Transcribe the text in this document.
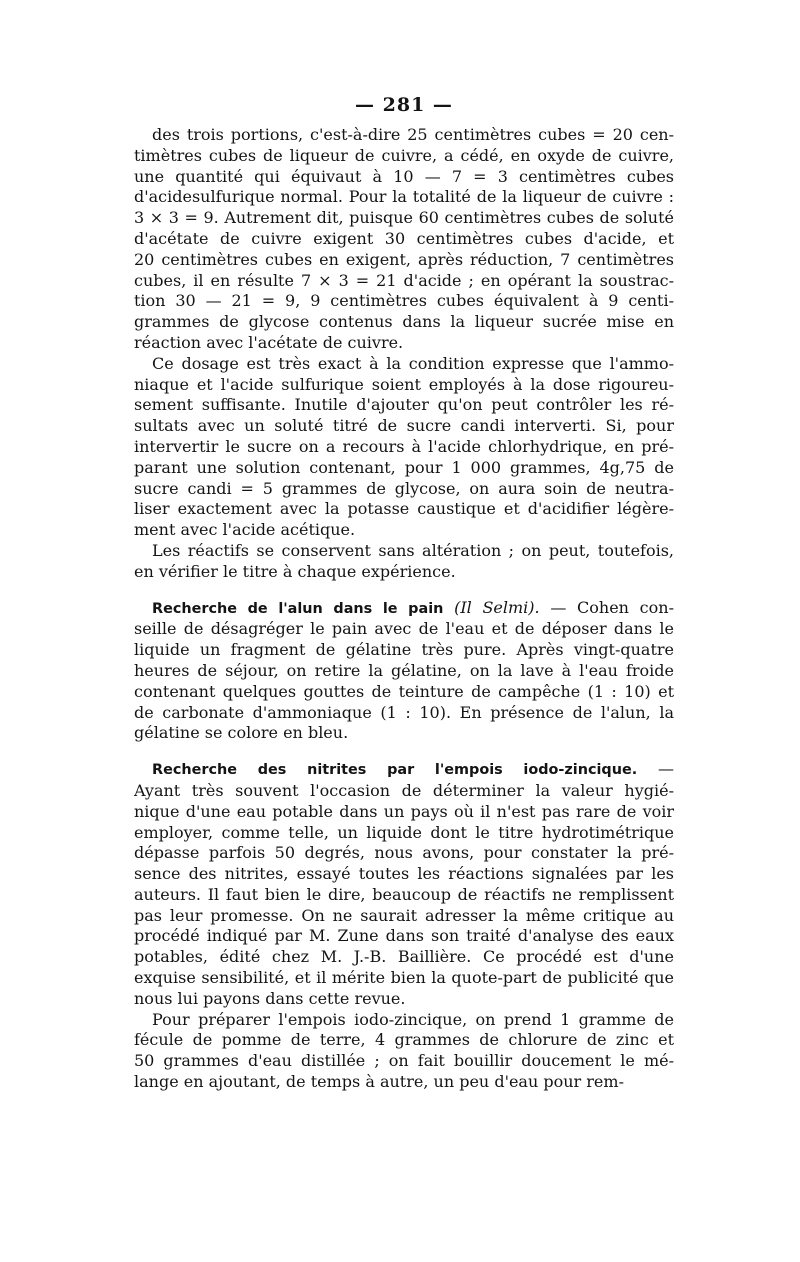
— 281 —
des trois portions, c'est-à-dire 25 centimètres cubes = 20 cen-
timètres cubes de liqueur de cuivre, a cédé, en oxyde de cuivre,
une quantité qui équivaut à 10 — 7 = 3 centimètres cubes
d'acidesulfurique normal. Pour la totalité de la liqueur de cuivre :
3 × 3 = 9. Autrement dit, puisque 60 centimètres cubes de soluté
d'acétate de cuivre exigent 30 centimètres cubes d'acide, et
20 centimètres cubes en exigent, après réduction, 7 centimètres
cubes, il en résulte 7 × 3 = 21 d'acide ; en opérant la soustrac-
tion 30 — 21 = 9, 9 centimètres cubes équivalent à 9 centi-
grammes de glycose contenus dans la liqueur sucrée mise en
réaction avec l'acétate de cuivre.
Ce dosage est très exact à la condition expresse que l'ammo-
niaque et l'acide sulfurique soient employés à la dose rigoureu-
sement suffisante. Inutile d'ajouter qu'on peut contrôler les ré-
sultats avec un soluté titré de sucre candi interverti. Si, pour
intervertir le sucre on a recours à l'acide chlorhydrique, en pré-
parant une solution contenant, pour 1 000 grammes, 4g,75 de
sucre candi = 5 grammes de glycose, on aura soin de neutra-
liser exactement avec la potasse caustique et d'acidifier légère-
ment avec l'acide acétique.
Les réactifs se conservent sans altération ; on peut, toutefois,
en vérifier le titre à chaque expérience.
Recherche de l'alun dans le pain (Il Selmi). — Cohen con-
seille de désagréger le pain avec de l'eau et de déposer dans le
liquide un fragment de gélatine très pure. Après vingt-quatre
heures de séjour, on retire la gélatine, on la lave à l'eau froide
contenant quelques gouttes de teinture de campêche (1 : 10) et
de carbonate d'ammoniaque (1 : 10). En présence de l'alun, la
gélatine se colore en bleu.
Recherche des nitrites par l'empois iodo-zincique. —
Ayant très souvent l'occasion de déterminer la valeur hygié-
nique d'une eau potable dans un pays où il n'est pas rare de voir
employer, comme telle, un liquide dont le titre hydrotimétrique
dépasse parfois 50 degrés, nous avons, pour constater la pré-
sence des nitrites, essayé toutes les réactions signalées par les
auteurs. Il faut bien le dire, beaucoup de réactifs ne remplissent
pas leur promesse. On ne saurait adresser la même critique au
procédé indiqué par M. Zune dans son traité d'analyse des eaux
potables, édité chez M. J.-B. Baillière. Ce procédé est d'une
exquise sensibilité, et il mérite bien la quote-part de publicité que
nous lui payons dans cette revue.
Pour préparer l'empois iodo-zincique, on prend 1 gramme de
fécule de pomme de terre, 4 grammes de chlorure de zinc et
50 grammes d'eau distillée ; on fait bouillir doucement le mé-
lange en ajoutant, de temps à autre, un peu d'eau pour rem-
